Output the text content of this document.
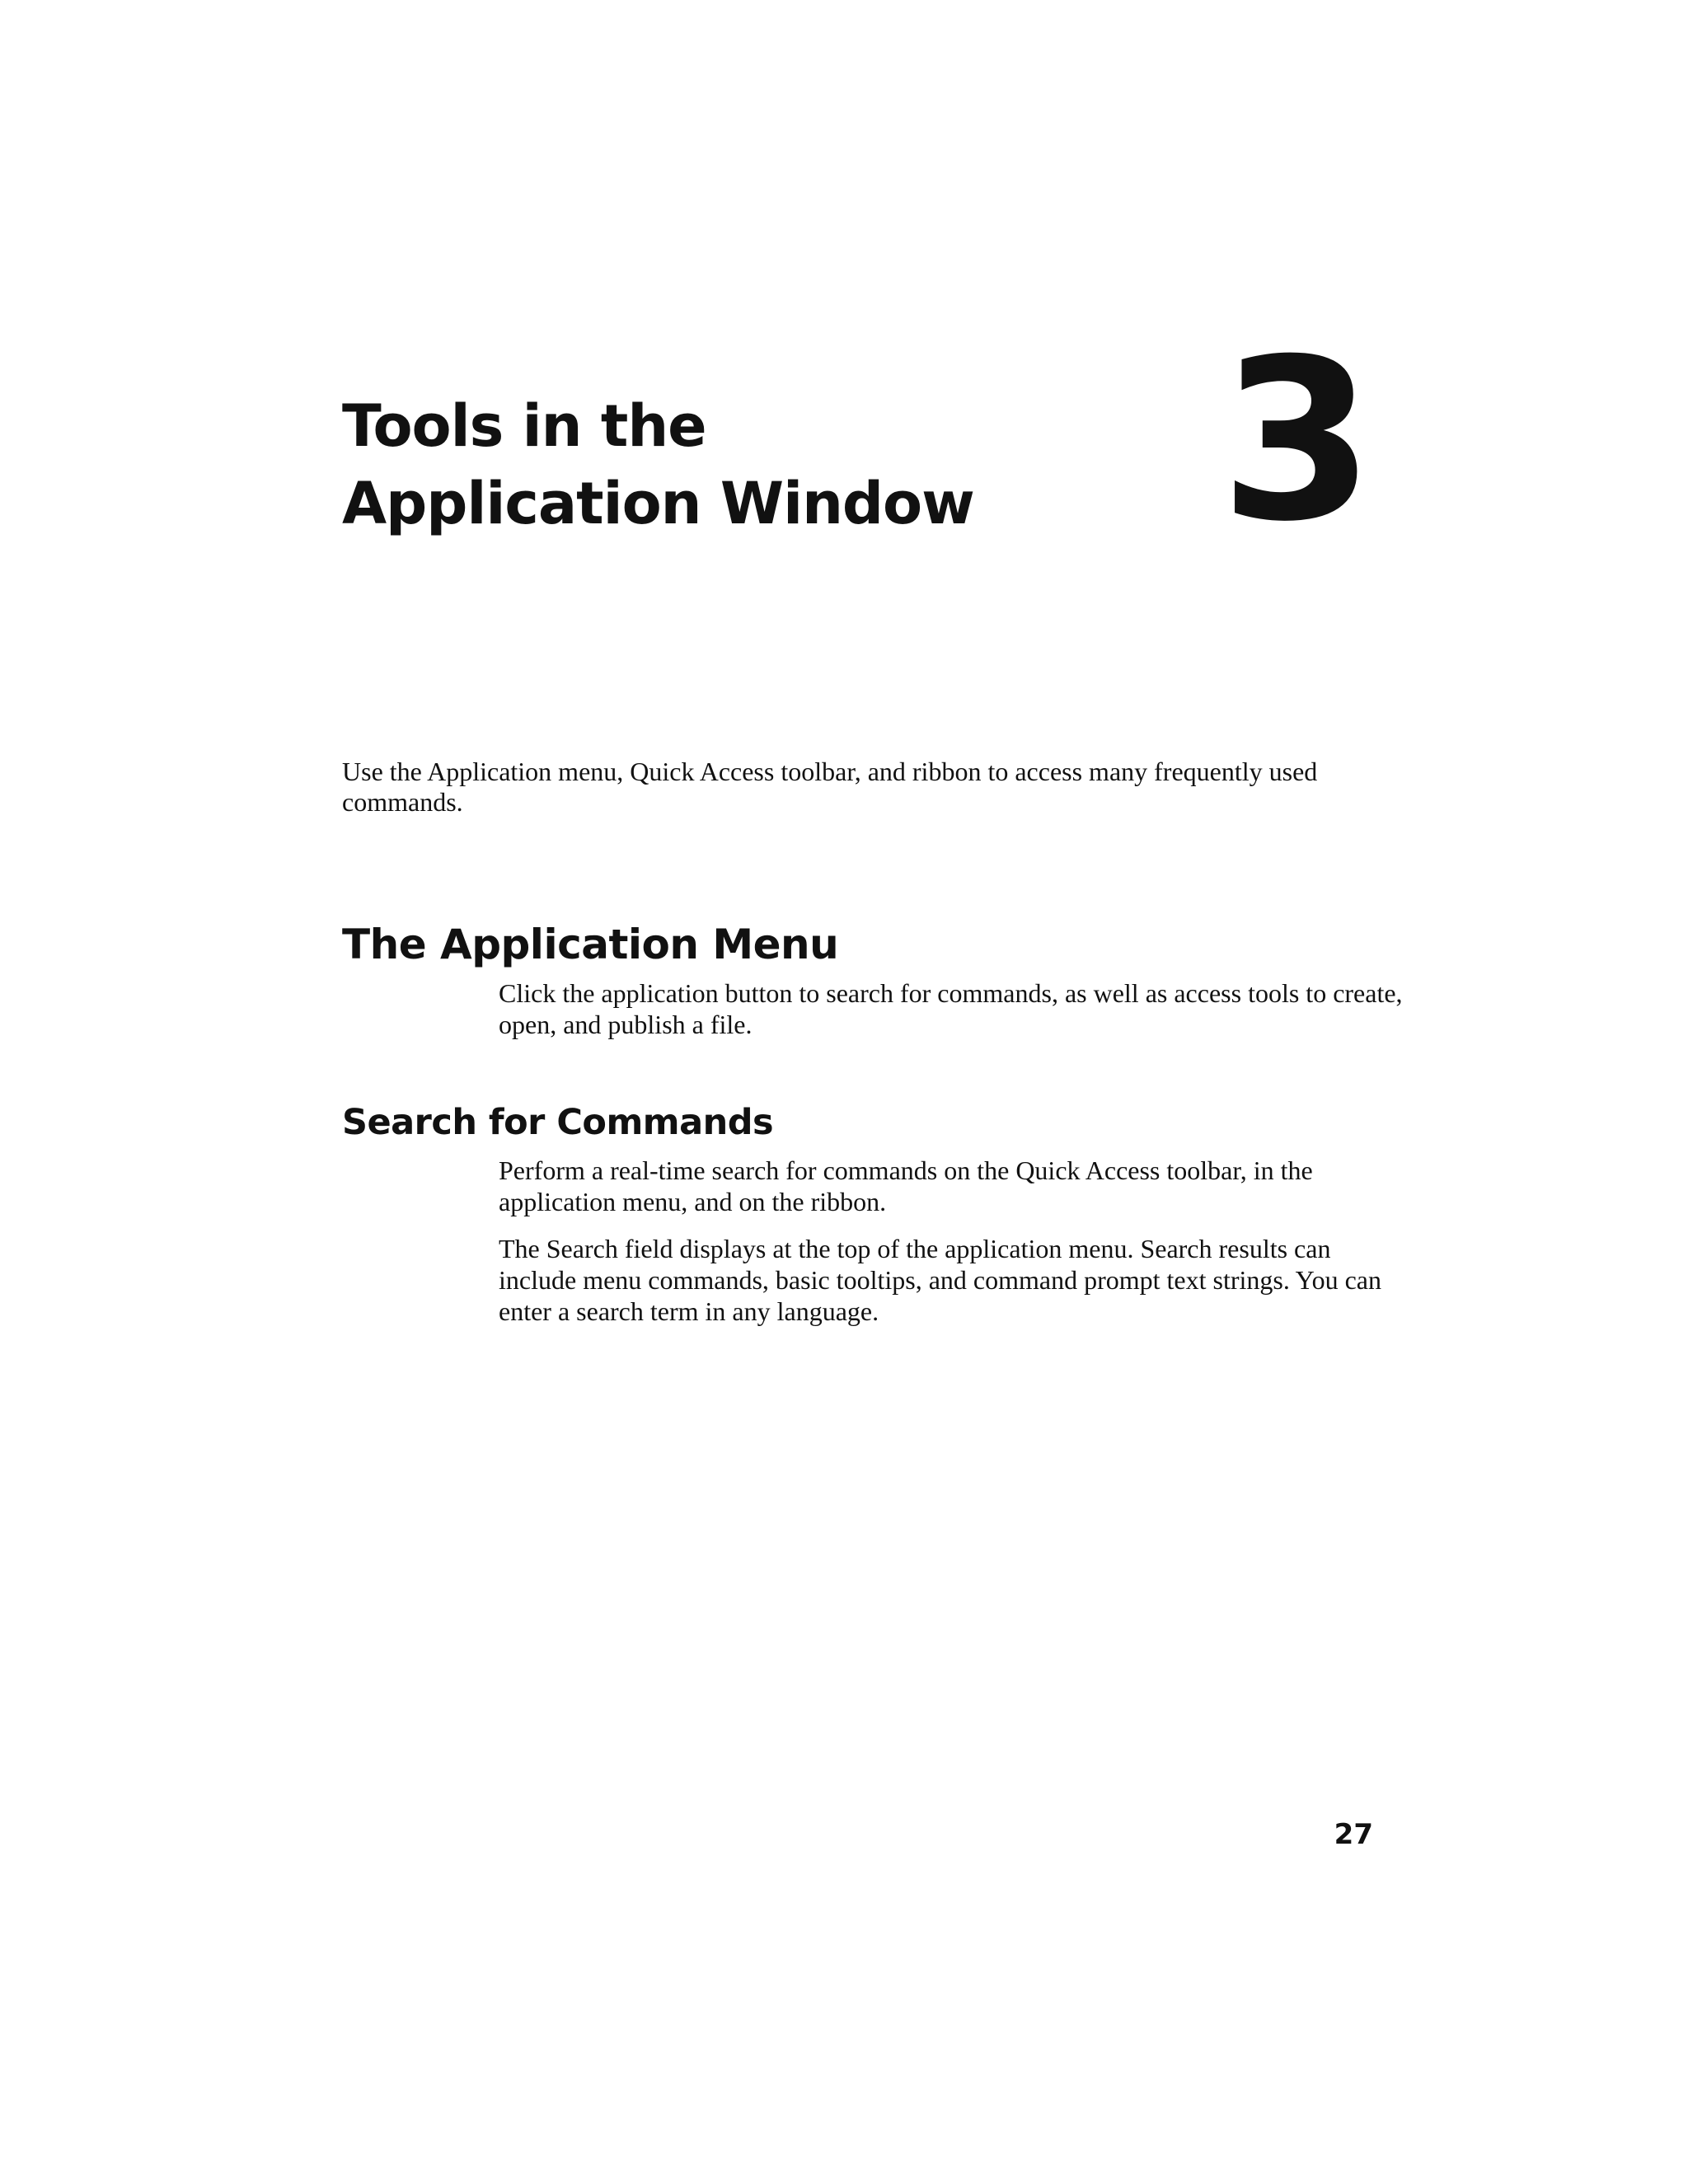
Tools in the Application Window	3

Use the Application menu, Quick Access toolbar, and ribbon to access many frequently used commands.

The Application Menu

Click the application button to search for commands, as well as access tools to create, open, and publish a file.

Search for Commands

Perform a real-time search for commands on the Quick Access toolbar, in the application menu, and on the ribbon.

The Search field displays at the top of the application menu. Search results can include menu commands, basic tooltips, and command prompt text strings. You can enter a search term in any language.

27
